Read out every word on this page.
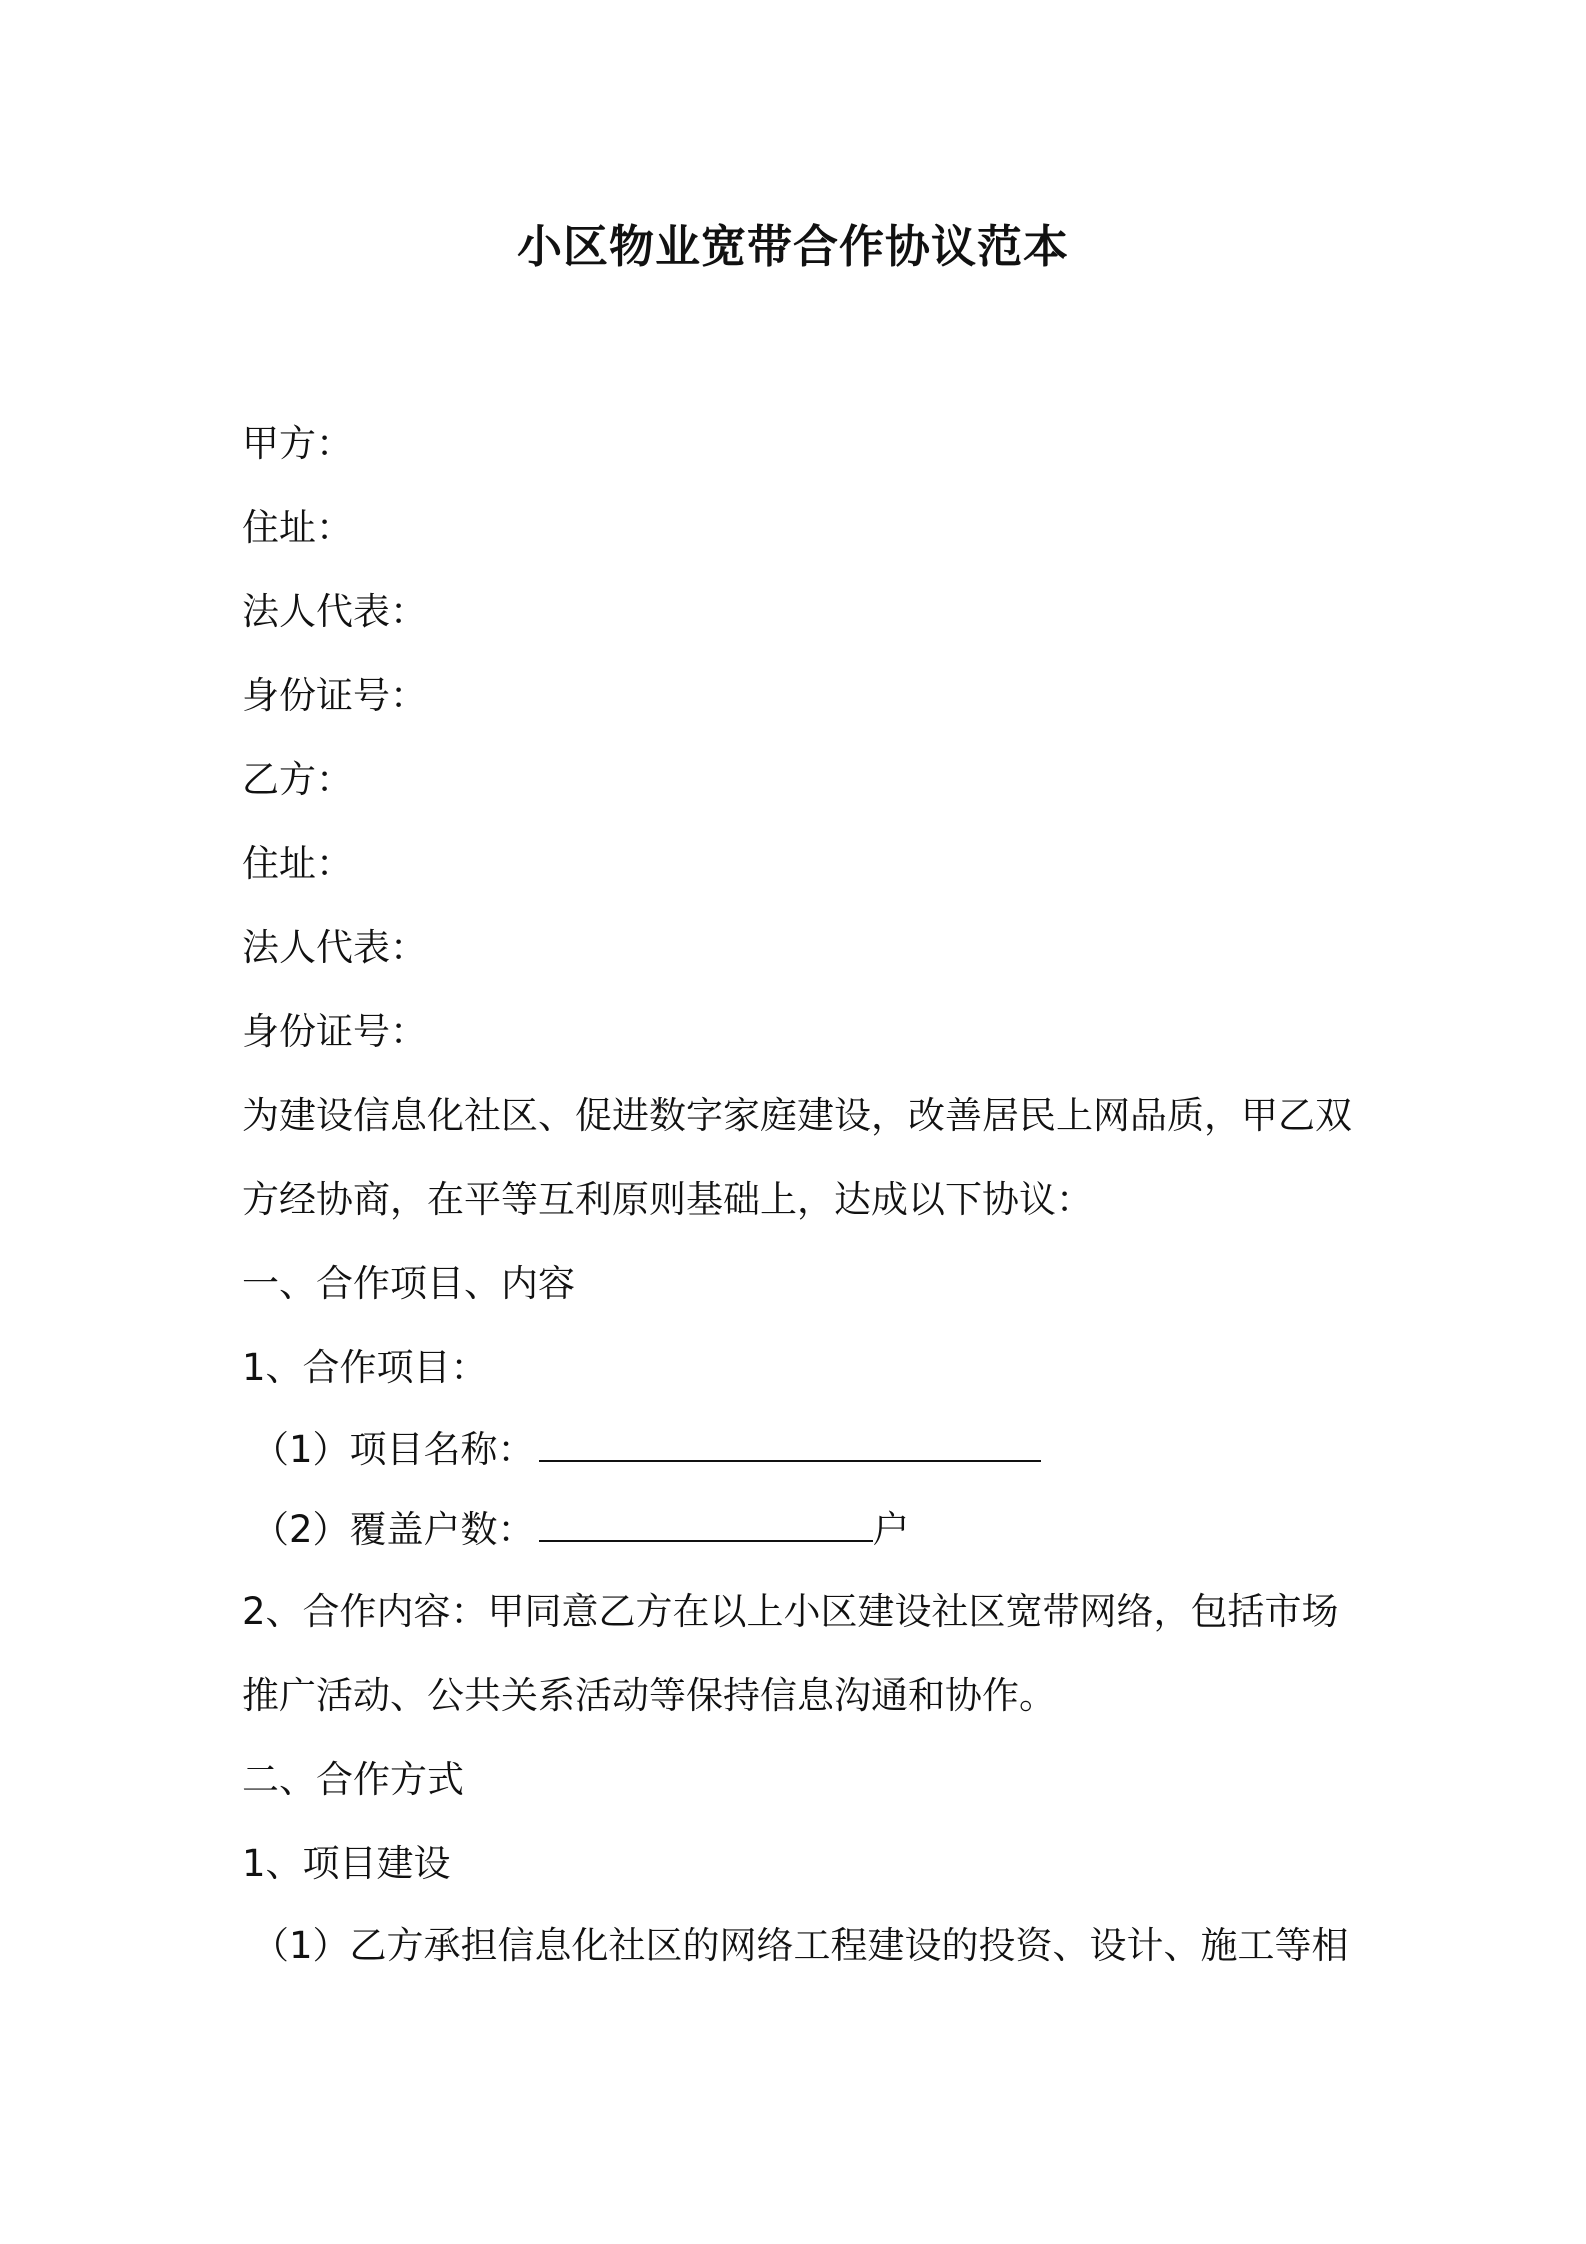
小区物业宽带合作协议范本

甲方：

住址：

法人代表：

身份证号：

乙方：

住址：

法人代表：

身份证号：

为建设信息化社区、促进数字家庭建设，改善居民上网品质，甲乙双

方经协商，在平等互利原则基础上，达成以下协议：

一、合作项目、内容

1、合作项目：

（1）项目名称：

（2）覆盖户数：	户

2、合作内容：甲同意乙方在以上小区建设社区宽带网络，包括市场

推广活动、公共关系活动等保持信息沟通和协作。

二、合作方式

1、项目建设

（1）乙方承担信息化社区的网络工程建设的投资、设计、施工等相
